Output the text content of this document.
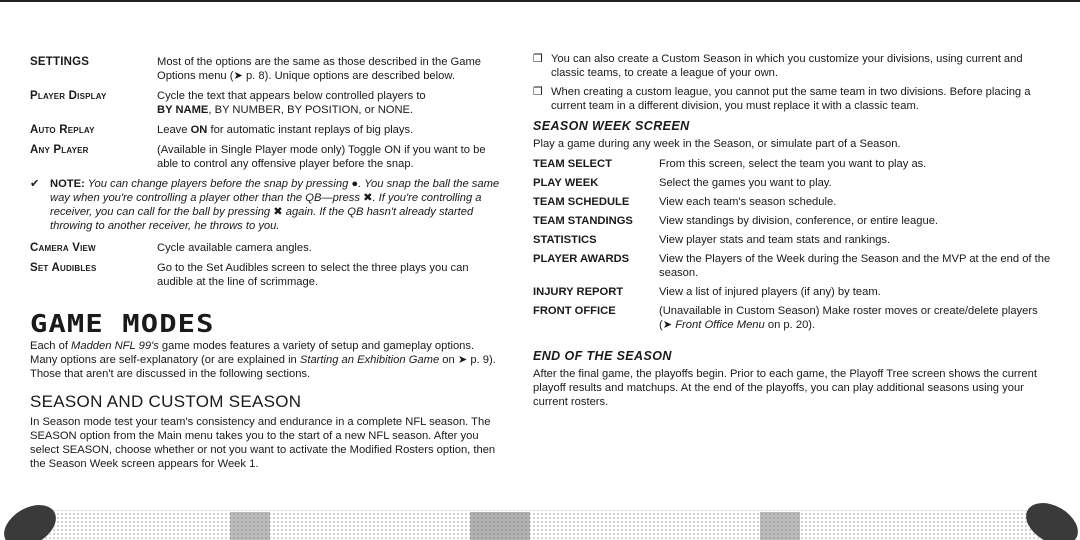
SETTINGS	Most of the options are the same as those described in the Game Options menu (➤ p. 8). Unique options are described below.
Player Display	Cycle the text that appears below controlled players to
BY NAME, BY NUMBER, BY POSITION, or NONE.
Auto Replay	Leave ON for automatic instant replays of big plays.
Any Player	(Available in Single Player mode only) Toggle ON if you want to be able to control any offensive player before the snap.
✔ NOTE: You can change players before the snap by pressing ●. You snap the ball the same way when you're controlling a player other than the QB—press ✖. If you're controlling a receiver, you can call for the ball by pressing ✖ again. If the QB hasn't already started throwing to another receiver, he throws to you.
Camera View	Cycle available camera angles.
Set Audibles	Go to the Set Audibles screen to select the three plays you can audible at the line of scrimmage.
GAME MODES

Each of Madden NFL 99's game modes features a variety of setup and gameplay options. Many options are self-explanatory (or are explained in Starting an Exhibition Game on ➤ p. 9). Those that aren't are discussed in the following sections.

SEASON AND CUSTOM SEASON

In Season mode test your team's consistency and endurance in a complete NFL season. The SEASON option from the Main menu takes you to the start of a new NFL season. After you select SEASON, choose whether or not you want to activate the Modified Rosters option, then the Season Week screen appears for Week 1.

❒ You can also create a Custom Season in which you customize your divisions, using current and classic teams, to create a league of your own.
❒ When creating a custom league, you cannot put the same team in two divisions. Before placing a current team in a different division, you must replace it with a classic team.
SEASON WEEK SCREEN
Play a game during any week in the Season, or simulate part of a Season.
TEAM SELECT	From this screen, select the team you want to play as.
PLAY WEEK	Select the games you want to play.
TEAM SCHEDULE	View each team's season schedule.
TEAM STANDINGS	View standings by division, conference, or entire league.
STATISTICS	View player stats and team stats and rankings.
PLAYER AWARDS	View the Players of the Week during the Season and the MVP at the end of the season.
INJURY REPORT	View a list of injured players (if any) by team.
FRONT OFFICE	(Unavailable in Custom Season) Make roster moves or create/delete players (➤ Front Office Menu on p. 20).
END OF THE SEASON

After the final game, the playoffs begin. Prior to each game, the Playoff Tree screen shows the current playoff results and matchups. At the end of the playoffs, you can play additional seasons using your current rosters.
